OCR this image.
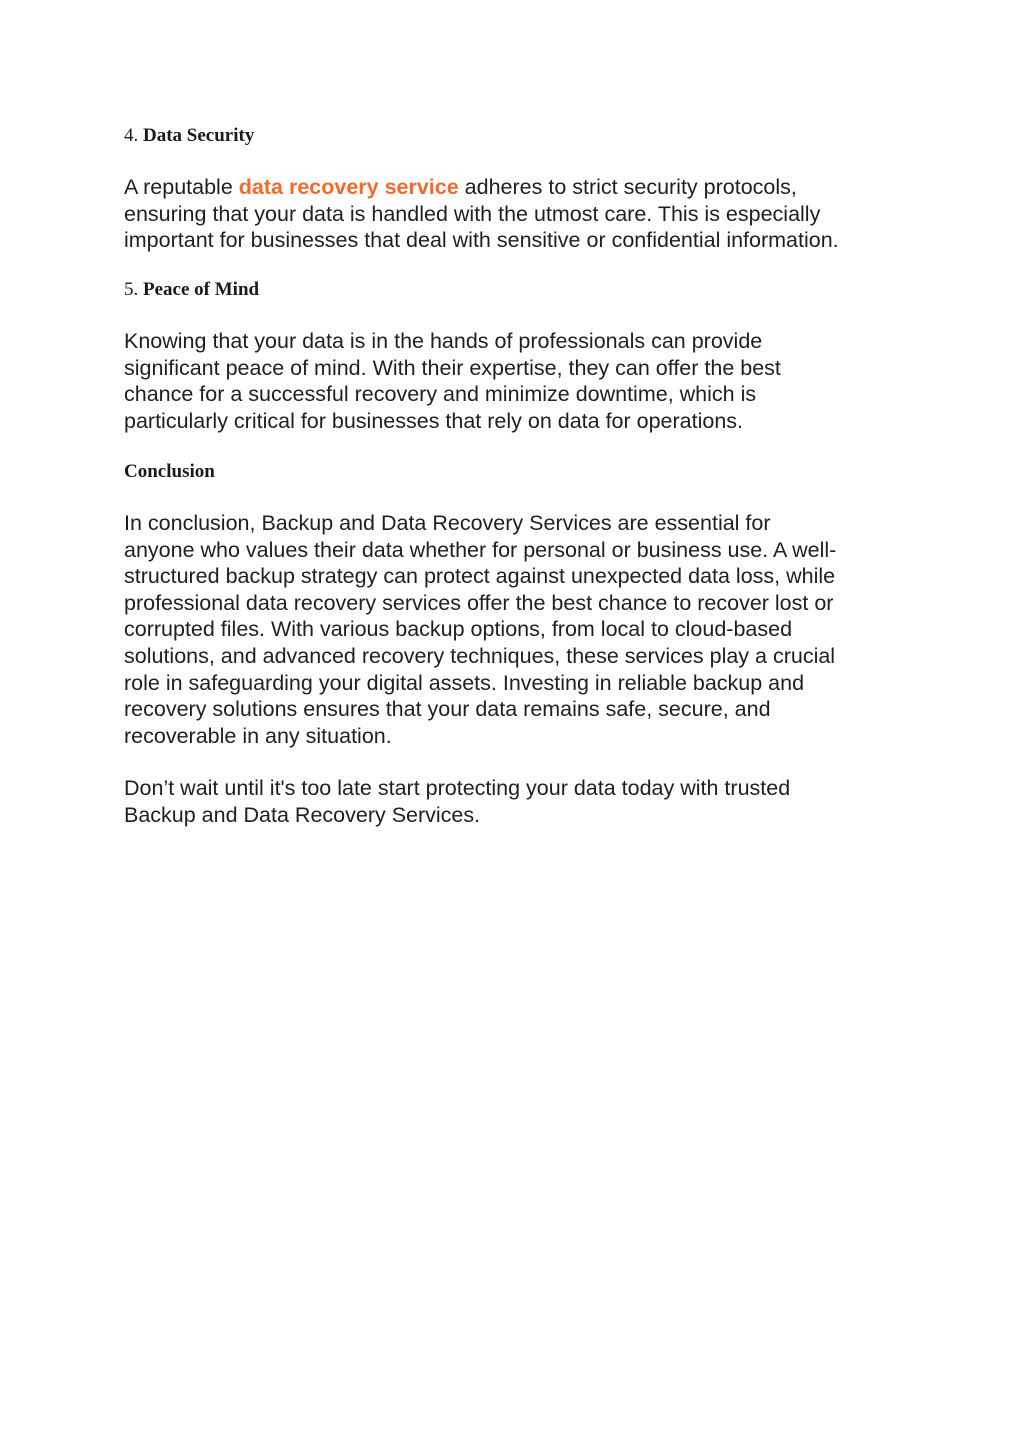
4. Data Security

A reputable data recovery service adheres to strict security protocols,
ensuring that your data is handled with the utmost care. This is especially
important for businesses that deal with sensitive or confidential information.

5. Peace of Mind

Knowing that your data is in the hands of professionals can provide
significant peace of mind. With their expertise, they can offer the best
chance for a successful recovery and minimize downtime, which is
particularly critical for businesses that rely on data for operations.

Conclusion

In conclusion, Backup and Data Recovery Services are essential for
anyone who values their data whether for personal or business use. A well-
structured backup strategy can protect against unexpected data loss, while
professional data recovery services offer the best chance to recover lost or
corrupted files. With various backup options, from local to cloud-based
solutions, and advanced recovery techniques, these services play a crucial
role in safeguarding your digital assets. Investing in reliable backup and
recovery solutions ensures that your data remains safe, secure, and
recoverable in any situation.

Don’t wait until it's too late start protecting your data today with trusted
Backup and Data Recovery Services.
